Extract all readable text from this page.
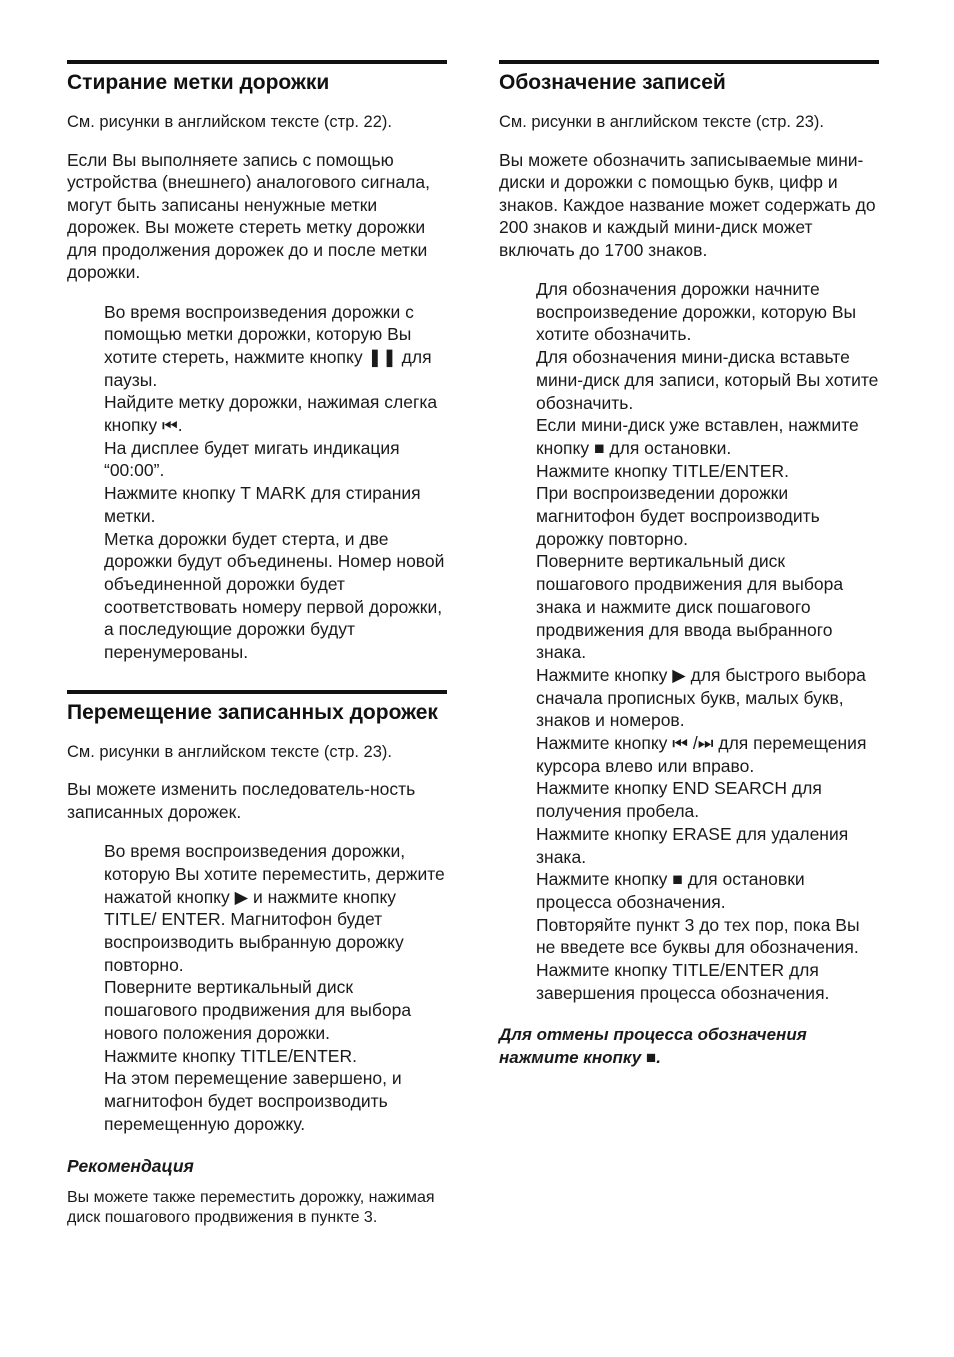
Стирание метки дорожки

См. рисунки в английском тексте (стр. 22).

Если Вы выполняете запись с помощью устройства (внешнего) аналогового сигнала, могут быть записаны ненужные метки дорожек. Вы можете стереть метку дорожки для продолжения дорожек до и после метки дорожки.

Во время воспроизведения дорожки с помощью метки дорожки, которую Вы хотите стереть, нажмите кнопку ❚❚ для паузы.

Найдите метку дорожки, нажимая слегка кнопку ⏮.

На дисплее будет мигать индикация “00:00”.

Нажмите кнопку T MARK для стирания метки.

Метка дорожки будет стерта, и две дорожки будут объединены. Номер новой объединенной дорожки будет соответствовать номеру первой дорожки, а последующие дорожки будут перенумерованы.

Перемещение записанных дорожек

См. рисунки в английском тексте (стр. 23).

Вы можете изменить последователь-ность записанных дорожек.

Во время воспроизведения дорожки, которую Вы хотите переместить, держите нажатой кнопку ▶ и нажмите кнопку TITLE/ ENTER. Магнитофон будет воспроизводить выбранную дорожку повторно.

Поверните вертикальный диск пошагового продвижения для выбора нового положения дорожки.

Нажмите кнопку TITLE/ENTER.

На этом перемещение завершено, и магнитофон будет воспроизводить перемещенную дорожку.

Рекомендация

Вы можете также переместить дорожку, нажимая диск пошагового продвижения в пункте 3.

Обозначение записей

См. рисунки в английском тексте (стр. 23).

Вы можете обозначить записываемые мини-диски и дорожки с помощью букв, цифр и знаков. Каждое название может содержать до 200 знаков и каждый мини-диск может включать до 1700 знаков.

Для обозначения дорожки начните воспроизведение дорожки, которую Вы хотите обозначить.

Для обозначения мини-диска вставьте мини-диск для записи, который Вы хотите обозначить.

Если мини-диск уже вставлен, нажмите кнопку ■ для остановки.

Нажмите кнопку TITLE/ENTER.

При воспроизведении дорожки магнитофон будет воспроизводить дорожку повторно.

Поверните вертикальный диск пошагового продвижения для выбора знака и нажмите диск пошагового продвижения для ввода выбранного знака.

Нажмите кнопку ▶ для быстрого выбора сначала прописных букв, малых букв, знаков и номеров.

Нажмите кнопку ⏮ /⏭ для перемещения курсора влево или вправо.

Нажмите кнопку END SEARCH для получения пробела.

Нажмите кнопку ERASE для удаления знака.

Нажмите кнопку ■ для остановки процесса обозначения.

Повторяйте пункт 3 до тех пор, пока Вы не введете все буквы для обозначения.

Нажмите кнопку TITLE/ENTER для завершения процесса обозначения.

Для отмены процесса обозначения нажмите кнопку ■.
